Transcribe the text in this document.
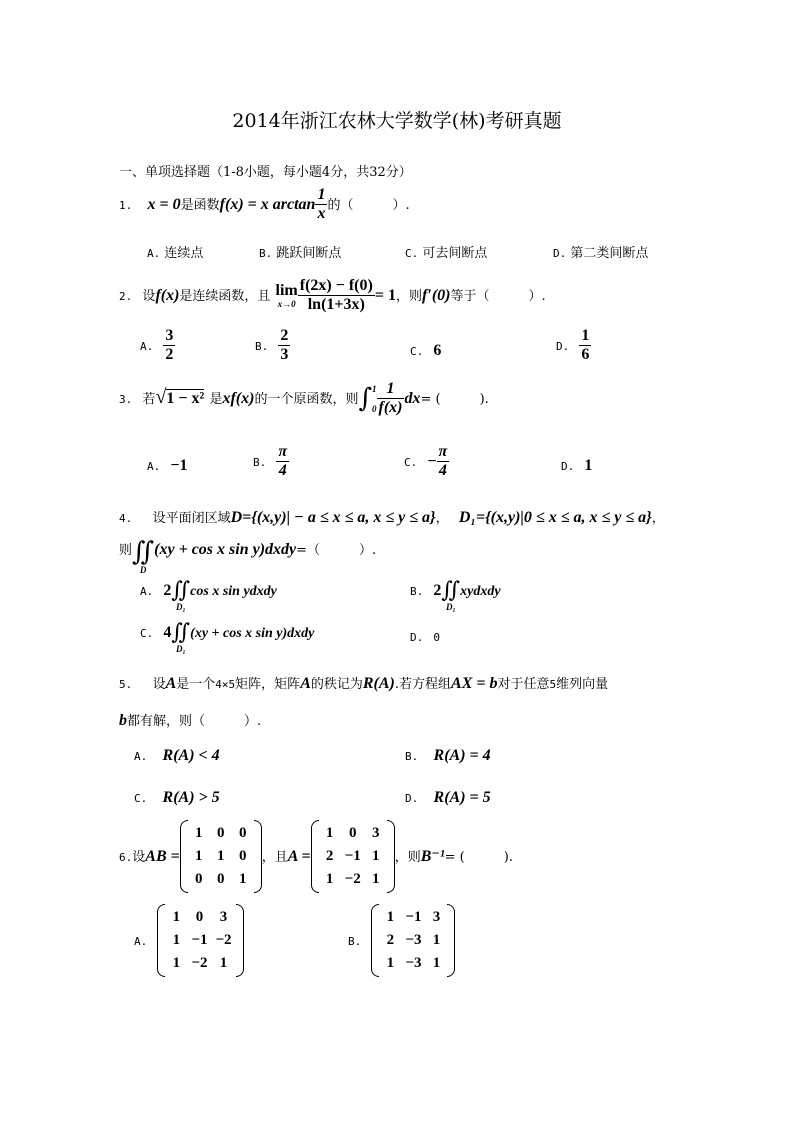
2014年浙江农林大学数学(林)考研真题
一、单项选择题（1-8小题，每小题4分，共32分）
1. x = 0是函数f(x) = x $\arctan \frac{1}{x}$ 的（　　　）.
A. 连续点	B. 跳跃间断点	C. 可去间断点	D. 第二类间断点
2. 设f(x)是连续函数，且 lim
$x\to 0 \frac{f(2x) - f(0)}{\ln(1+3x)} = 1$，则f′(0)等于（　　　）.
A. $\frac{3}{2}$	B. $\frac{2}{3}$	C. 6	D. $\frac{1}{6}$
3. 若√1 − x² 是xf(x)的一个原函数，则∫ 1
$0 \frac{1}{f(x)} dx=$ (　　　).
A. −1	B. $\frac{\pi}{4}$	C. − $\frac{\pi}{4}$	D. 1
4. 设平面闭区域D={(x,y)| − a ≤ x ≤ a, x ≤ y ≤ a}， D₁={(x,y)|0 ≤ x ≤ a, x ≤ y ≤ a}，
则 ∬
D
(xy + cos x sin y)dxdy=（　　　）.
A. 2 ∬
D₁
cos x sin ydxdy	B. 2 ∬
D₁
xydxdy
C. 4 ∬
D₁
(xy + cos x sin y)dxdy	D. 0
5. 设A是一个4×5矩阵，矩阵A的秩记为R(A).若方程组AX = b对于任意5维列向量
b都有解，则（　　　）.
A. R(A) < 4	B. R(A) = 4
C. R(A) > 5	D. R(A) = 5
6.设AB =
1	0	0
1	1	0
0	0	1
，且A =
1	0	3
2	−1	1
1	−2	1
，则B⁻¹= (　　　).
A.
1	0	3
1	−1	−2
1	−2	1
B.
1	−1	3
2	−3	1
1	−3	1
